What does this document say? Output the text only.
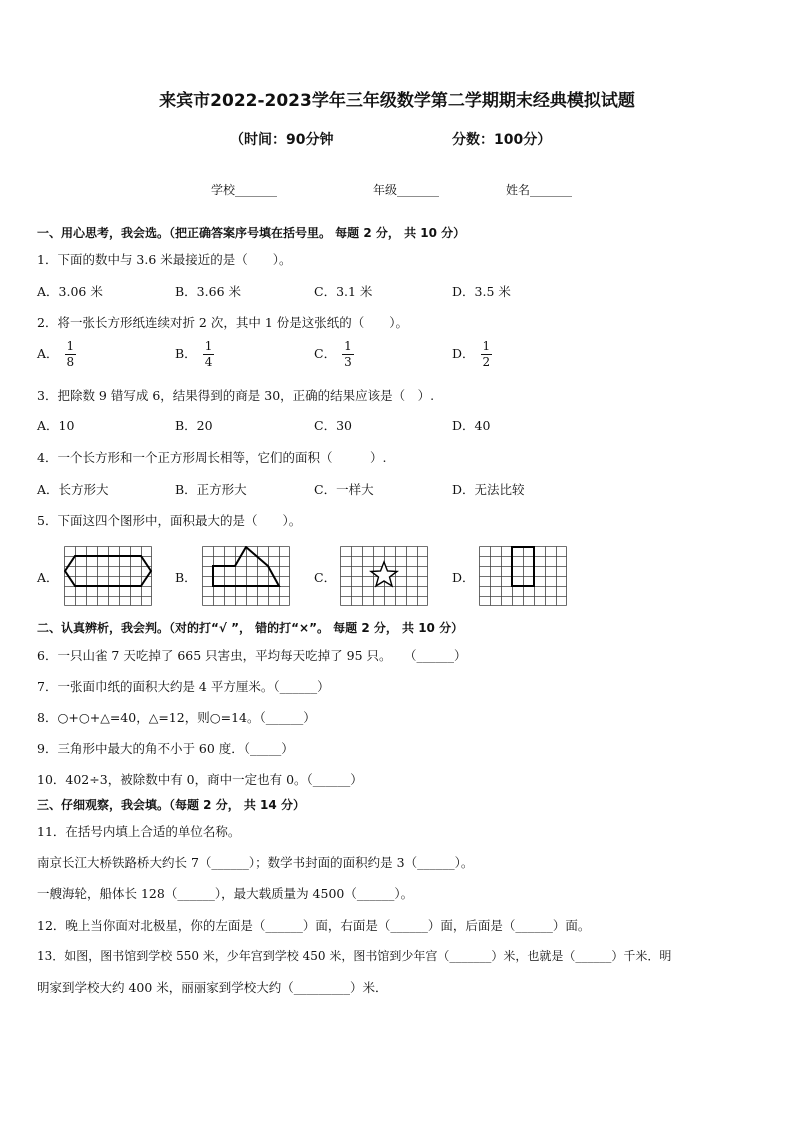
来宾市2022-2023学年三年级数学第二学期期末经典模拟试题
（时间：90分钟	分数：100分）
学校_______	年级_______	姓名_______
一、用心思考，我会选。（把正确答案序号填在括号里。 每题 2 分， 共 10 分）
1．下面的数中与 3.6 米最接近的是（　　）。
A．3.06 米	B．3.66 米	C．3.1 米	D．3.5 米
2．将一张长方形纸连续对折 2 次，其中 1 份是这张纸的（　　）。
A． $\frac{1}{8}$	B． $\frac{1}{4}$	C． $\frac{1}{3}$	D． $\frac{1}{2}$
3．把除数 9 错写成 6，结果得到的商是 30，正确的结果应该是（　）.
A．10	B．20	C．30	D．40
4．一个长方形和一个正方形周长相等，它们的面积（　　　）.
A．长方形大	B．正方形大	C．一样大	D．无法比较
5．下面这四个图形中，面积最大的是（　　）。
A．	B．	C．	D．
二、认真辨析，我会判。（对的打“√ ”， 错的打“×”。 每题 2 分， 共 10 分）
6．一只山雀 7 天吃掉了 665 只害虫，平均每天吃掉了 95 只。　　（______）
7．一张面巾纸的面积大约是 4 平方厘米。（______）
8．○+○+△=40，△=12，则○=14。（______）
9．三角形中最大的角不小于 60 度．（_____）
10．402÷3，被除数中有 0，商中一定也有 0。（______）
三、仔细观察，我会填。（每题 2 分， 共 14 分）
11．在括号内填上合适的单位名称。
南京长江大桥铁路桥大约长 7（______）；数学书封面的面积约是 3（______）。
一艘海轮，船体长 128（______），最大载质量为 4500（______）。
12．晚上当你面对北极星，你的左面是（______）面，右面是（______）面，后面是（______）面。
13．如图，图书馆到学校 550 米，少年宫到学校 450 米，图书馆到少年宫（_______）米，也就是（______）千米．明
明家到学校大约 400 米，丽丽家到学校大约（_________）米．
